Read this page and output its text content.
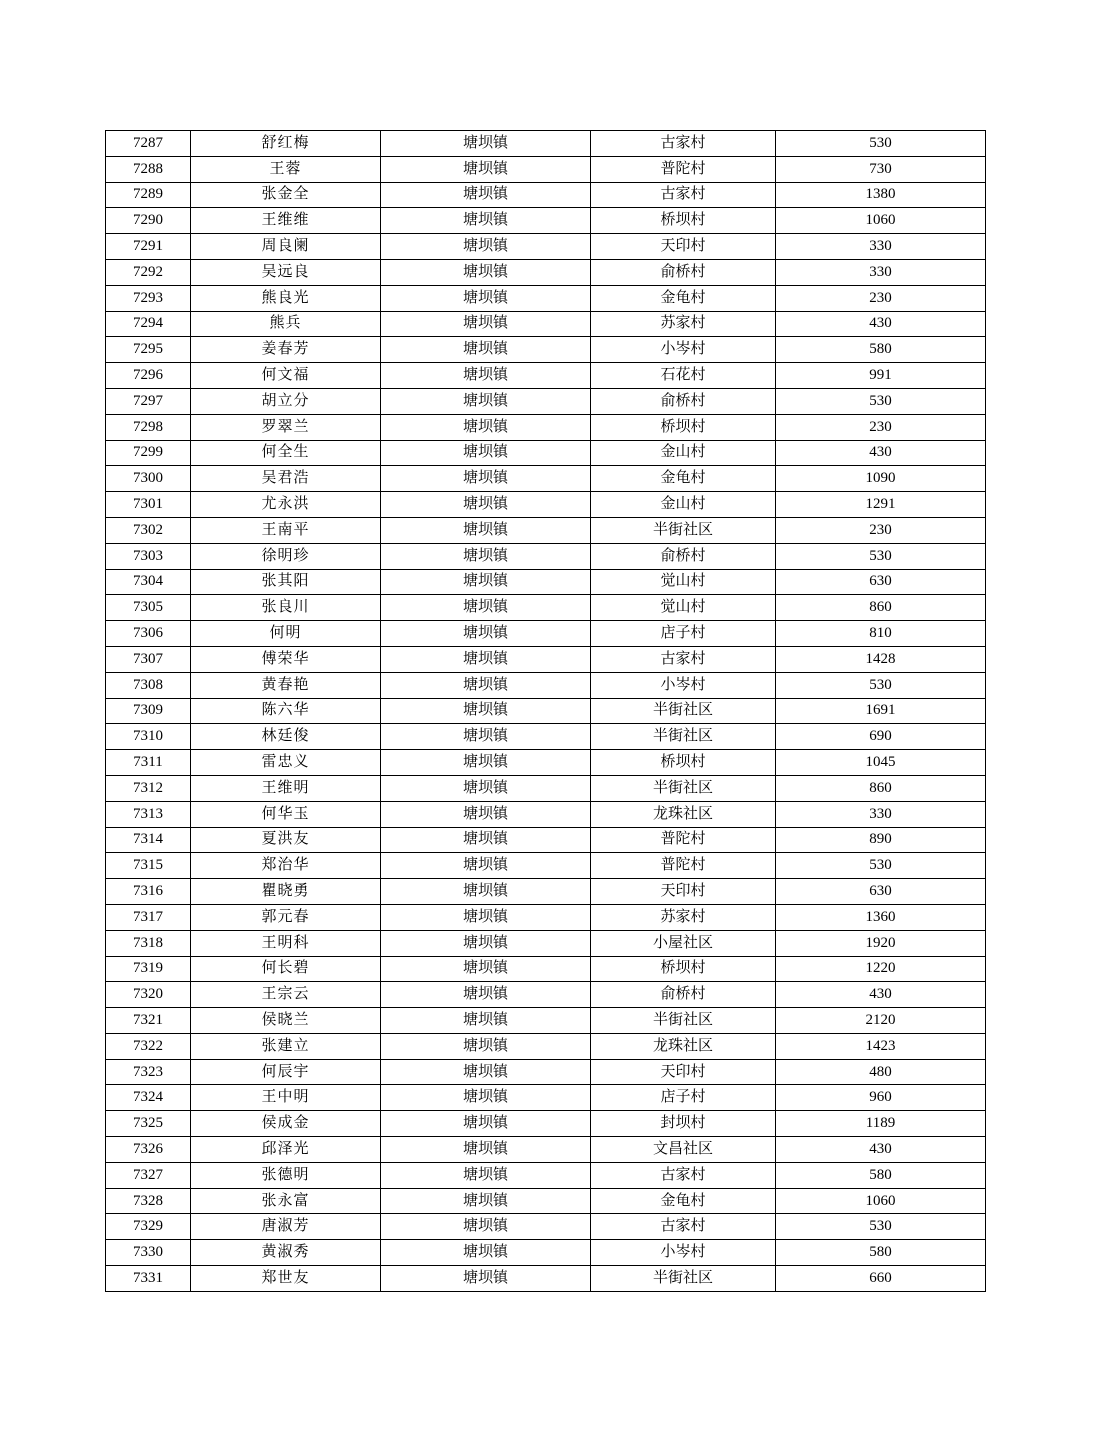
7287	舒红梅	塘坝镇	古家村	530
7288	王蓉	塘坝镇	普陀村	730
7289	张金全	塘坝镇	古家村	1380
7290	王维维	塘坝镇	桥坝村	1060
7291	周良阑	塘坝镇	天印村	330
7292	吴远良	塘坝镇	俞桥村	330
7293	熊良光	塘坝镇	金龟村	230
7294	熊兵	塘坝镇	苏家村	430
7295	姜春芳	塘坝镇	小岑村	580
7296	何文福	塘坝镇	石花村	991
7297	胡立分	塘坝镇	俞桥村	530
7298	罗翠兰	塘坝镇	桥坝村	230
7299	何全生	塘坝镇	金山村	430
7300	吴君浩	塘坝镇	金龟村	1090
7301	尤永洪	塘坝镇	金山村	1291
7302	王南平	塘坝镇	半街社区	230
7303	徐明珍	塘坝镇	俞桥村	530
7304	张其阳	塘坝镇	觉山村	630
7305	张良川	塘坝镇	觉山村	860
7306	何明	塘坝镇	店子村	810
7307	傅荣华	塘坝镇	古家村	1428
7308	黄春艳	塘坝镇	小岑村	530
7309	陈六华	塘坝镇	半街社区	1691
7310	林廷俊	塘坝镇	半街社区	690
7311	雷忠义	塘坝镇	桥坝村	1045
7312	王维明	塘坝镇	半街社区	860
7313	何华玉	塘坝镇	龙珠社区	330
7314	夏洪友	塘坝镇	普陀村	890
7315	郑治华	塘坝镇	普陀村	530
7316	瞿晓勇	塘坝镇	天印村	630
7317	郭元春	塘坝镇	苏家村	1360
7318	王明科	塘坝镇	小屋社区	1920
7319	何长碧	塘坝镇	桥坝村	1220
7320	王宗云	塘坝镇	俞桥村	430
7321	侯晓兰	塘坝镇	半街社区	2120
7322	张建立	塘坝镇	龙珠社区	1423
7323	何辰宇	塘坝镇	天印村	480
7324	王中明	塘坝镇	店子村	960
7325	侯成金	塘坝镇	封坝村	1189
7326	邱泽光	塘坝镇	文昌社区	430
7327	张德明	塘坝镇	古家村	580
7328	张永富	塘坝镇	金龟村	1060
7329	唐淑芳	塘坝镇	古家村	530
7330	黄淑秀	塘坝镇	小岑村	580
7331	郑世友	塘坝镇	半街社区	660
